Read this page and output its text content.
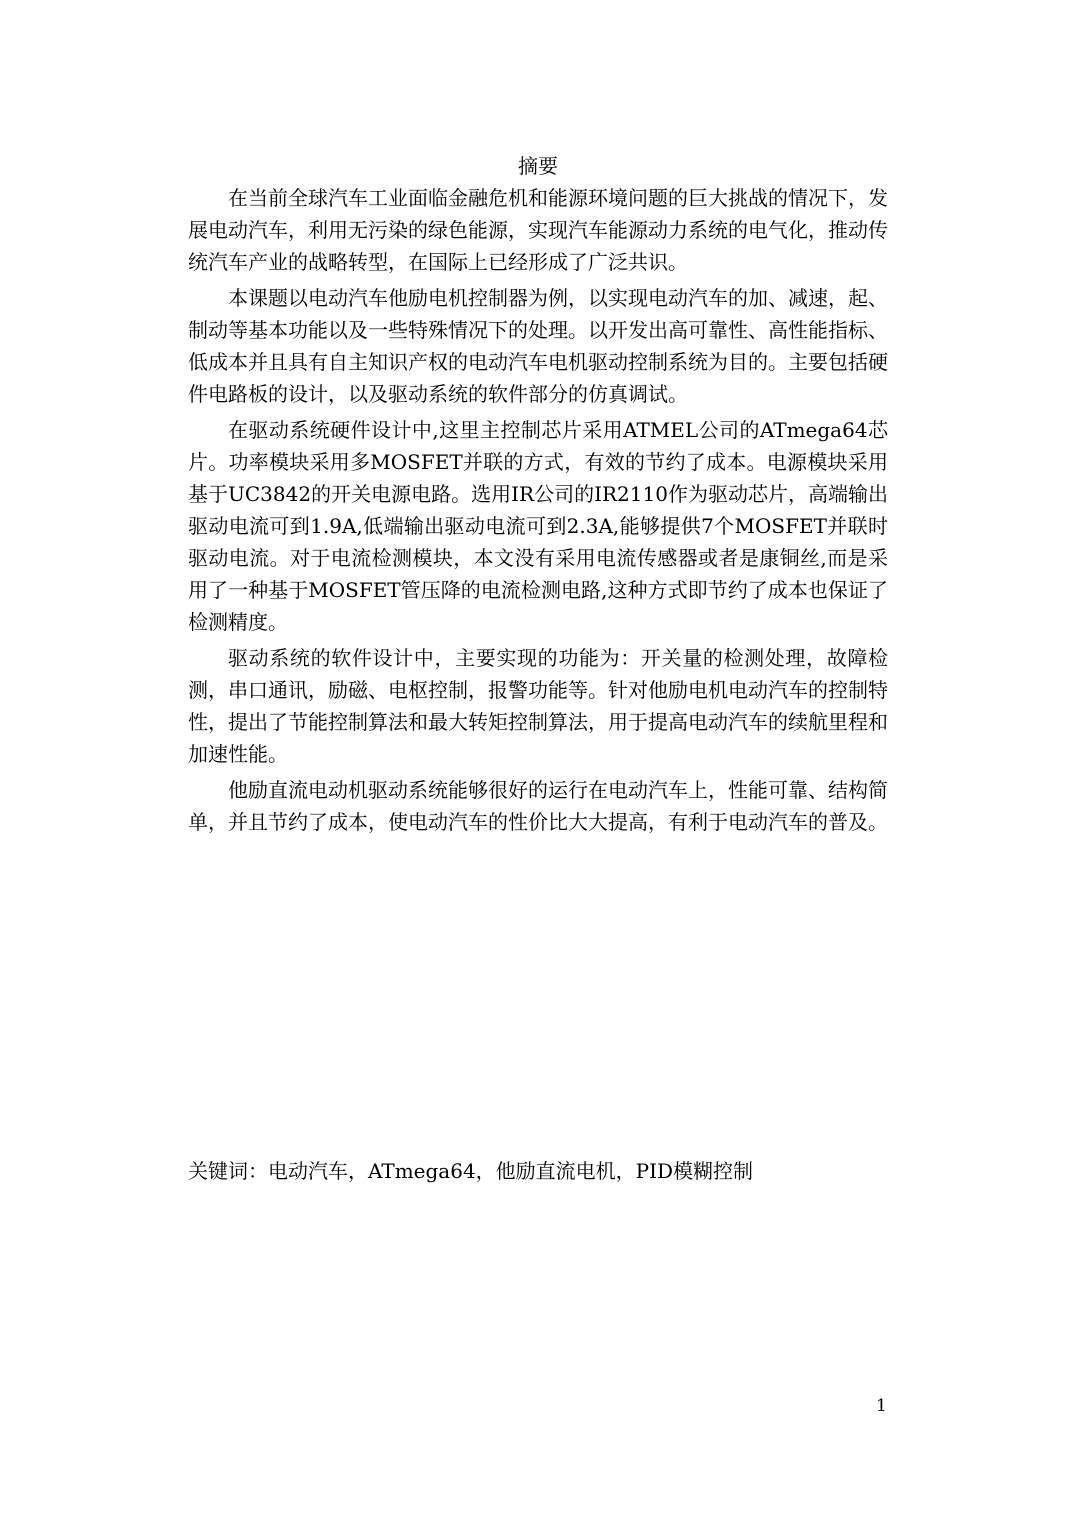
摘要

在当前全球汽车工业面临金融危机和能源环境问题的巨大挑战的情况下，发展电动汽车，利用无污染的绿色能源，实现汽车能源动力系统的电气化，推动传统汽车产业的战略转型，在国际上已经形成了广泛共识。

本课题以电动汽车他励电机控制器为例，以实现电动汽车的加、减速，起、制动等基本功能以及一些特殊情况下的处理。以开发出高可靠性、高性能指标、低成本并且具有自主知识产权的电动汽车电机驱动控制系统为目的。主要包括硬件电路板的设计，以及驱动系统的软件部分的仿真调试。

在驱动系统硬件设计中,这里主控制芯片采用ATMEL公司的ATmega64芯片。功率模块采用多MOSFET并联的方式，有效的节约了成本。电源模块采用基于UC3842的开关电源电路。选用IR公司的IR2110作为驱动芯片，高端输出驱动电流可到1.9A,低端输出驱动电流可到2.3A,能够提供7个MOSFET并联时驱动电流。对于电流检测模块，本文没有采用电流传感器或者是康铜丝,而是采用了一种基于MOSFET管压降的电流检测电路,这种方式即节约了成本也保证了检测精度。

驱动系统的软件设计中，主要实现的功能为：开关量的检测处理，故障检测，串口通讯，励磁、电枢控制，报警功能等。针对他励电机电动汽车的控制特性，提出了节能控制算法和最大转矩控制算法，用于提高电动汽车的续航里程和加速性能。

他励直流电动机驱动系统能够很好的运行在电动汽车上，性能可靠、结构简

单，并且节约了成本，使电动汽车的性价比大大提高，有利于电动汽车的普及。

关键词：电动汽车，ATmega64，他励直流电机，PID模糊控制
1
